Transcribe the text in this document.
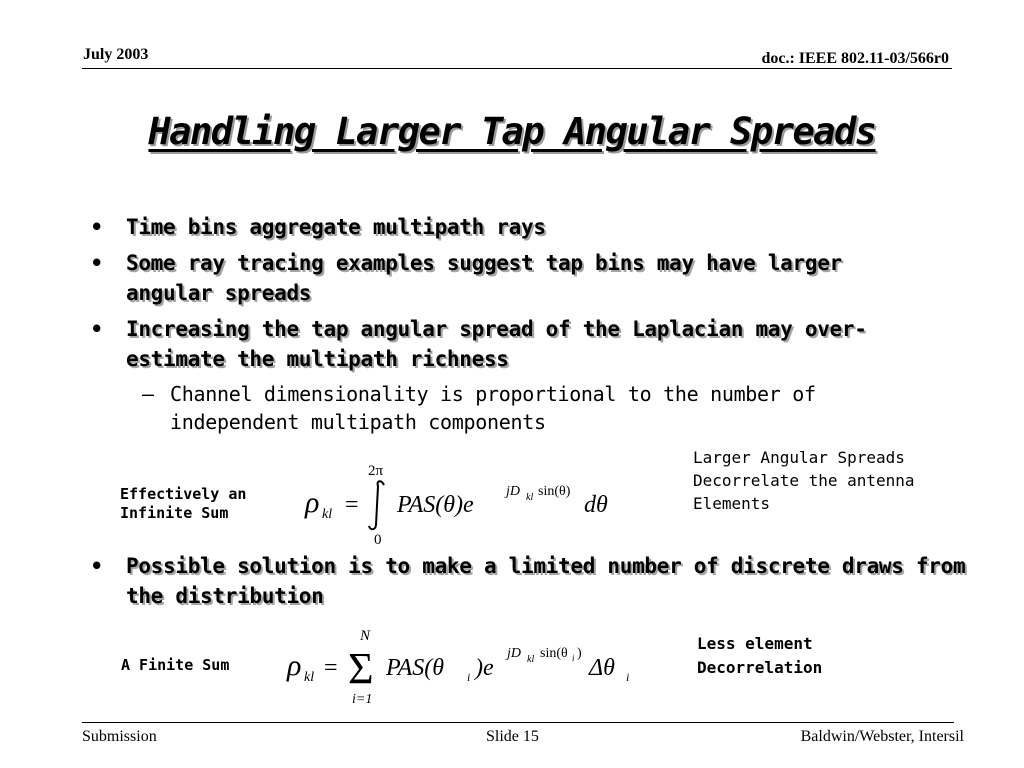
July 2003	doc.: IEEE 802.11-03/566r0
Handling Larger Tap Angular Spreads
• Time bins aggregate multipath rays
• Some ray tracing examples suggest tap bins may have larger angular spreads
• Increasing the tap angular spread of the Laplacian may over-estimate the multipath richness
– Channel dimensionality is proportional to the number of independent multipath components
Effectively an
Infinite Sum
Larger Angular Spreads
Decorrelate the antenna
Elements
2π
ρ kl =
0
PAS(θ)e
jD kl sin(θ)
dθ
• Possible solution is to make a limited number of discrete draws from the distribution
A Finite Sum
Less element
Decorrelation
N
ρ kl = Σ
i=1
PAS(θ i )e
jD kl sin(θ i )
Δθ i
Submission	Slide 15	Baldwin/Webster, Intersil
